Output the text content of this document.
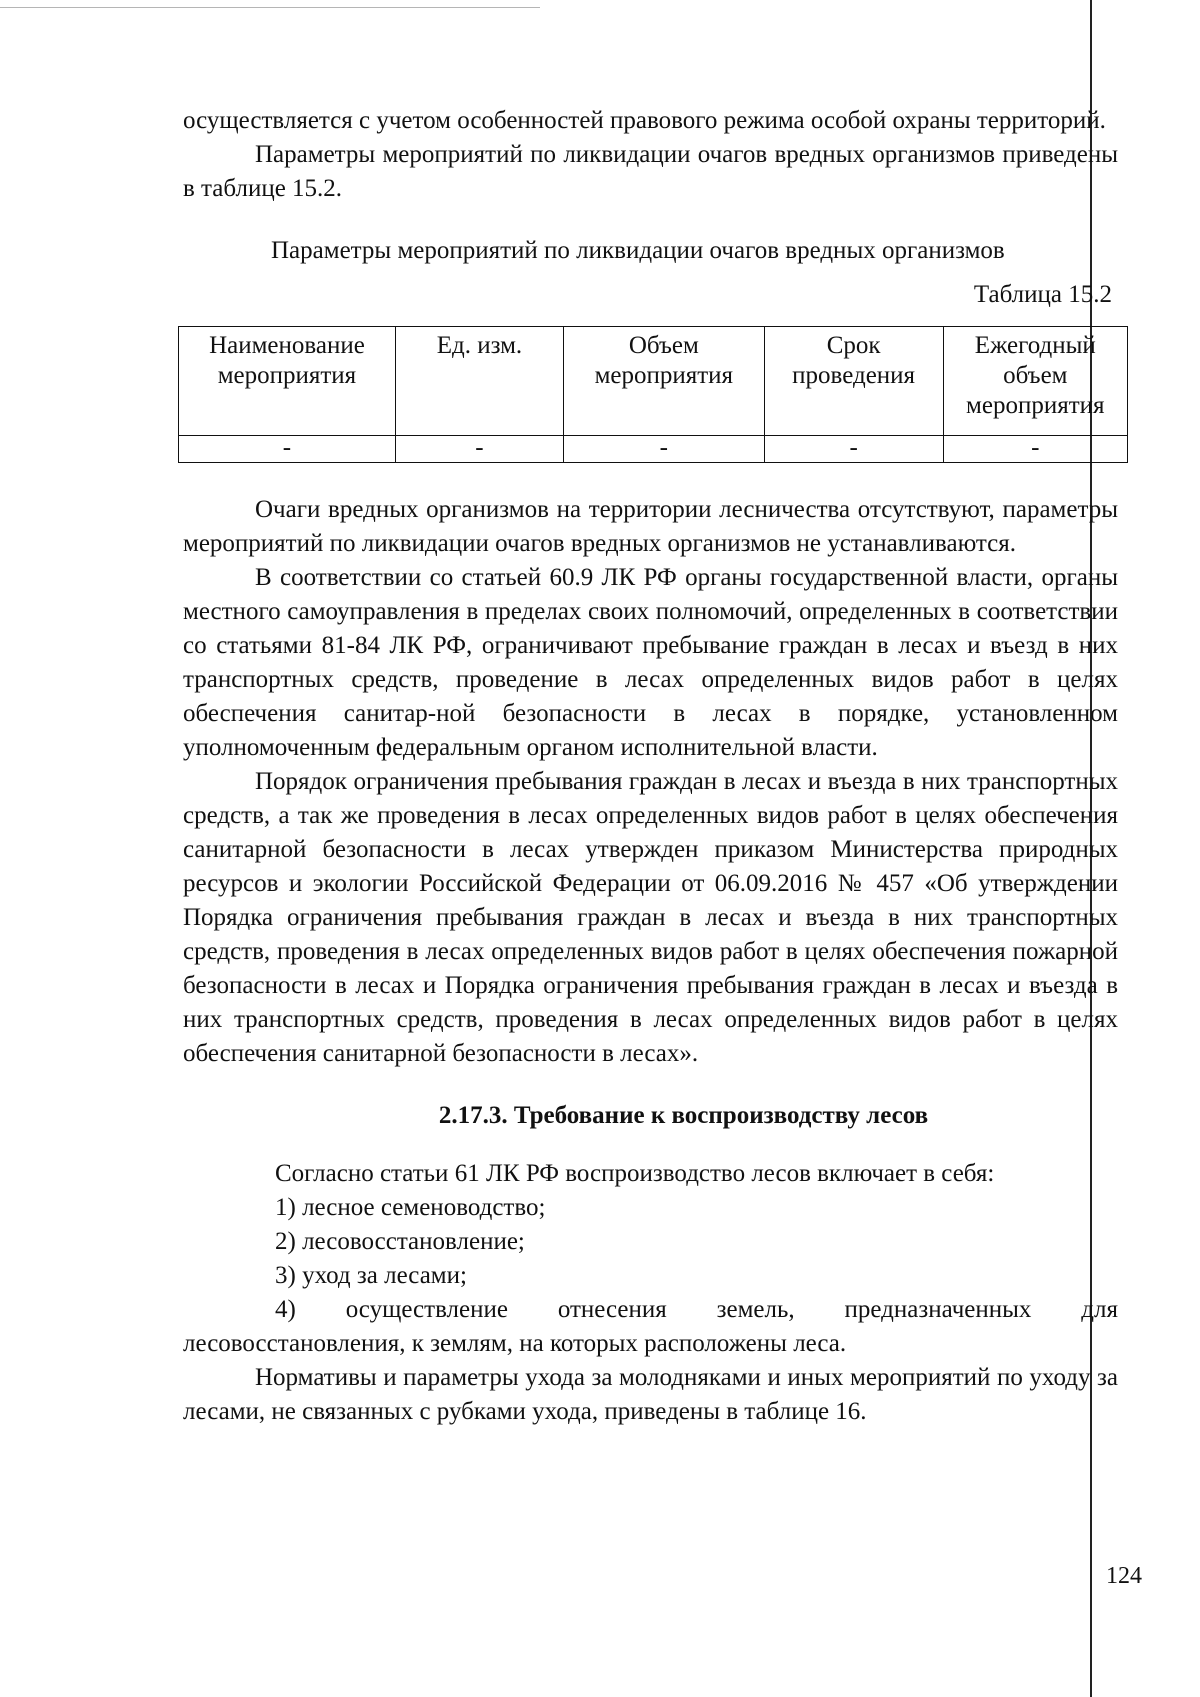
осуществляется с учетом особенностей правового режима особой охраны территорий.

Параметры мероприятий по ликвидации очагов вредных организмов приведены в таблице 15.2.

Параметры мероприятий по ликвидации очагов вредных организмов

Таблица 15.2

Наименование мероприятия	Ед. изм.	Объем мероприятия	Срок проведения	Ежегодный объем мероприятия
-	-	-	-	-

Очаги вредных организмов на территории лесничества отсутствуют, параметры мероприятий по ликвидации очагов вредных организмов не устанавливаются.

В соответствии со статьей 60.9 ЛК РФ органы государственной власти, органы местного самоуправления в пределах своих полномочий, определенных в соответствии со статьями 81-84 ЛК РФ, ограничивают пребывание граждан в лесах и въезд в них транспортных средств, проведение в лесах определенных видов работ в целях обеспечения санитар-ной безопасности в лесах в порядке, установленном уполномоченным федеральным органом исполнительной власти.

Порядок ограничения пребывания граждан в лесах и въезда в них транспортных средств, а так же проведения в лесах определенных видов работ в целях обеспечения санитарной безопасности в лесах утвержден приказом Министерства природных ресурсов и экологии Российской Федерации от 06.09.2016 № 457 «Об утверждении Порядка ограничения пребывания граждан в лесах и въезда в них транспортных средств, проведения в лесах определенных видов работ в целях обеспечения пожарной безопасности в лесах и Порядка ограничения пребывания граждан в лесах и въезда в них транспортных средств, проведения в лесах определенных видов работ в целях обеспечения санитарной безопасности в лесах».

2.17.3. Требование к воспроизводству лесов

Согласно статьи 61 ЛК РФ воспроизводство лесов включает в себя:

1) лесное семеноводство;

2) лесовосстановление;

3) уход за лесами;

4) осуществление отнесения земель, предназначенных для лесовосстановления, к землям, на которых расположены леса.

Нормативы и параметры ухода за молодняками и иных мероприятий по уходу за лесами, не связанных с рубками ухода, приведены в таблице 16.

124
